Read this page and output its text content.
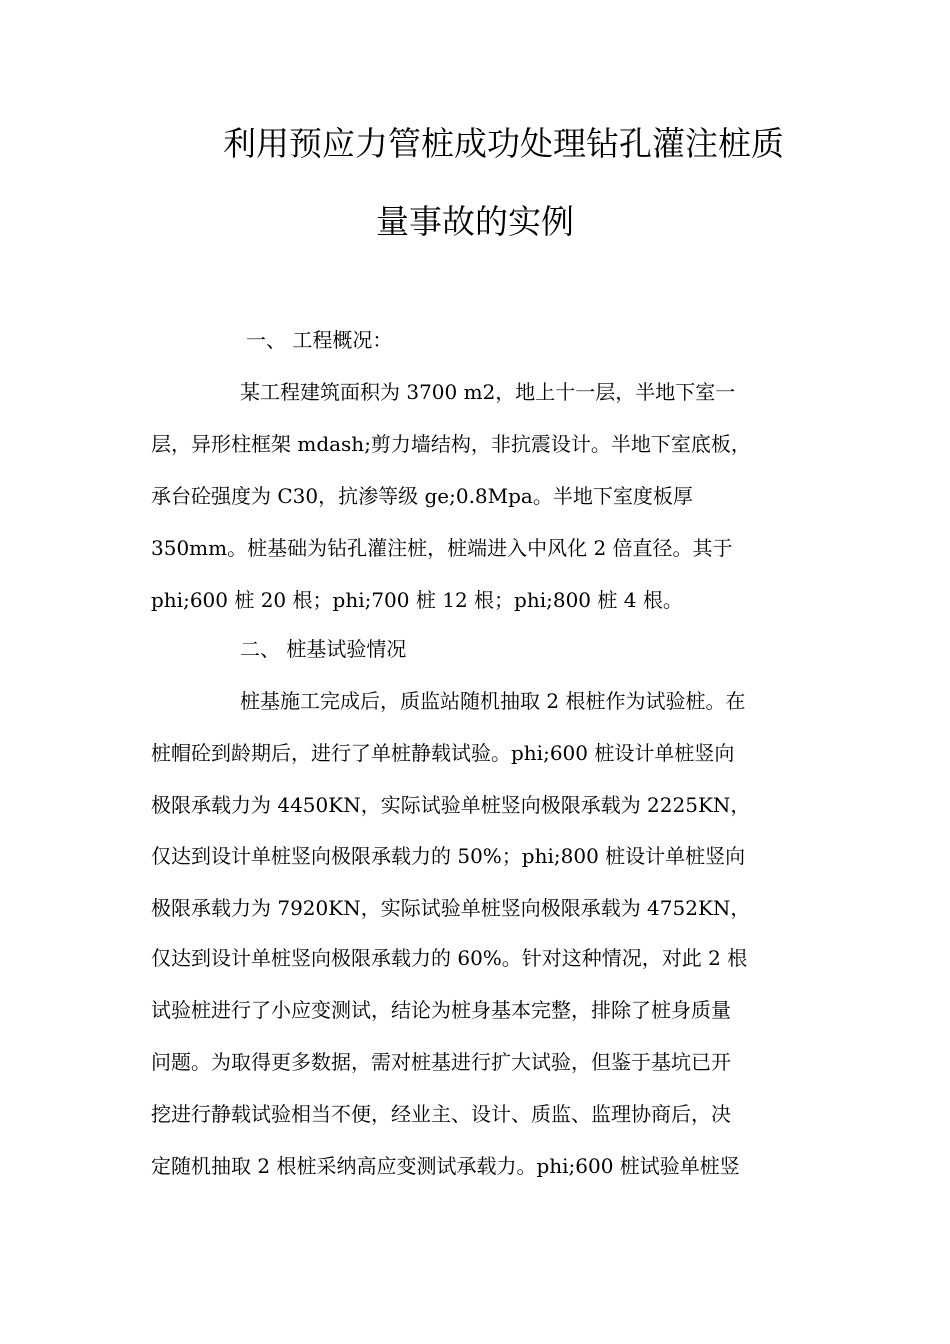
利用预应力管桩成功处理钻孔灌注桩质
量事故的实例
一、 工程概况：
某工程建筑面积为 3700 m2，地上十一层，半地下室一
层，异形柱框架 mdash;剪力墙结构，非抗震设计。半地下室底板，
承台砼强度为 C30，抗渗等级 ge;0.8Mpa。半地下室度板厚
350mm。桩基础为钻孔灌注桩，桩端进入中风化 2 倍直径。其于
phi;600 桩 20 根；phi;700 桩 12 根；phi;800 桩 4 根。
二、 桩基试验情况
桩基施工完成后，质监站随机抽取 2 根桩作为试验桩。在
桩帽砼到龄期后，进行了单桩静载试验。phi;600 桩设计单桩竖向
极限承载力为 4450KN，实际试验单桩竖向极限承载为 2225KN，
仅达到设计单桩竖向极限承载力的 50%；phi;800 桩设计单桩竖向
极限承载力为 7920KN，实际试验单桩竖向极限承载为 4752KN，
仅达到设计单桩竖向极限承载力的 60%。针对这种情况，对此 2 根
试验桩进行了小应变测试，结论为桩身基本完整，排除了桩身质量
问题。为取得更多数据，需对桩基进行扩大试验，但鉴于基坑已开
挖进行静载试验相当不便，经业主、设计、质监、监理协商后，决
定随机抽取 2 根桩采纳高应变测试承载力。phi;600 桩试验单桩竖
